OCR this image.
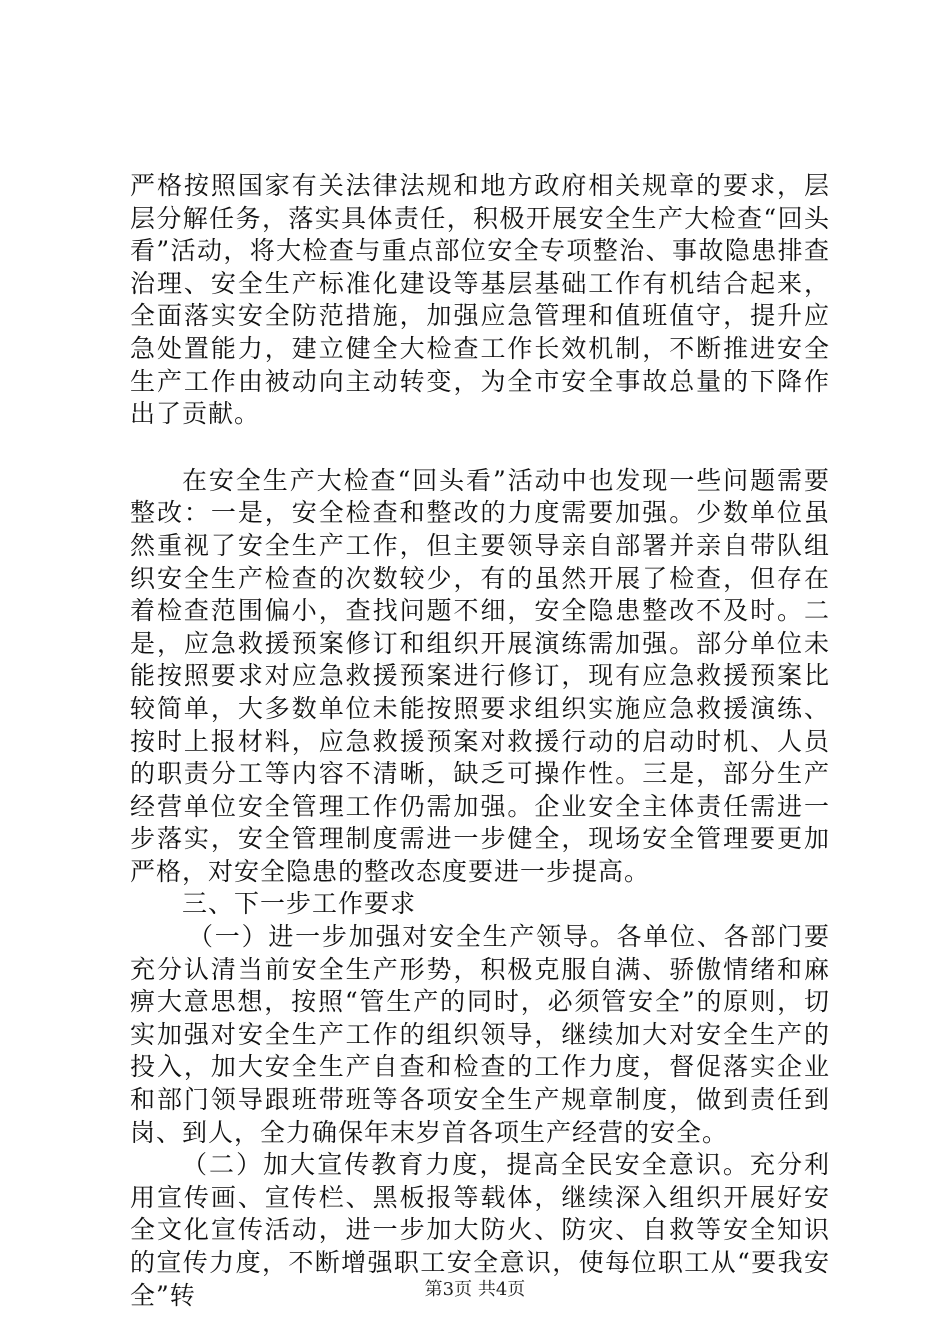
严格按照国家有关法律法规和地方政府相关规章的要求，层层分解任务，落实具体责任，积极开展安全生产大检查“回头看”活动，将大检查与重点部位安全专项整治、事故隐患排查治理、安全生产标准化建设等基层基础工作有机结合起来，全面落实安全防范措施，加强应急管理和值班值守，提升应急处置能力，建立健全大检查工作长效机制，不断推进安全生产工作由被动向主动转变，为全市安全事故总量的下降作出了贡献。

在安全生产大检查“回头看”活动中也发现一些问题需要整改：一是，安全检查和整改的力度需要加强。少数单位虽然重视了安全生产工作，但主要领导亲自部署并亲自带队组织安全生产检查的次数较少，有的虽然开展了检查，但存在着检查范围偏小，查找问题不细，安全隐患整改不及时。二是，应急救援预案修订和组织开展演练需加强。部分单位未能按照要求对应急救援预案进行修订，现有应急救援预案比较简单，大多数单位未能按照要求组织实施应急救援演练、按时上报材料，应急救援预案对救援行动的启动时机、人员的职责分工等内容不清晰，缺乏可操作性。三是，部分生产经营单位安全管理工作仍需加强。企业安全主体责任需进一步落实，安全管理制度需进一步健全，现场安全管理要更加严格，对安全隐患的整改态度要进一步提高。

三、下一步工作要求

（一）进一步加强对安全生产领导。各单位、各部门要充分认清当前安全生产形势，积极克服自满、骄傲情绪和麻痹大意思想，按照“管生产的同时，必须管安全”的原则，切实加强对安全生产工作的组织领导，继续加大对安全生产的投入，加大安全生产自查和检查的工作力度，督促落实企业和部门领导跟班带班等各项安全生产规章制度，做到责任到岗、到人，全力确保年末岁首各项生产经营的安全。

（二）加大宣传教育力度，提高全民安全意识。充分利用宣传画、宣传栏、黑板报等载体，继续深入组织开展好安全文化宣传活动，进一步加大防火、防灾、自救等安全知识的宣传力度，不断增强职工安全意识，使每位职工从“要我安全”转	第3页 共4页
